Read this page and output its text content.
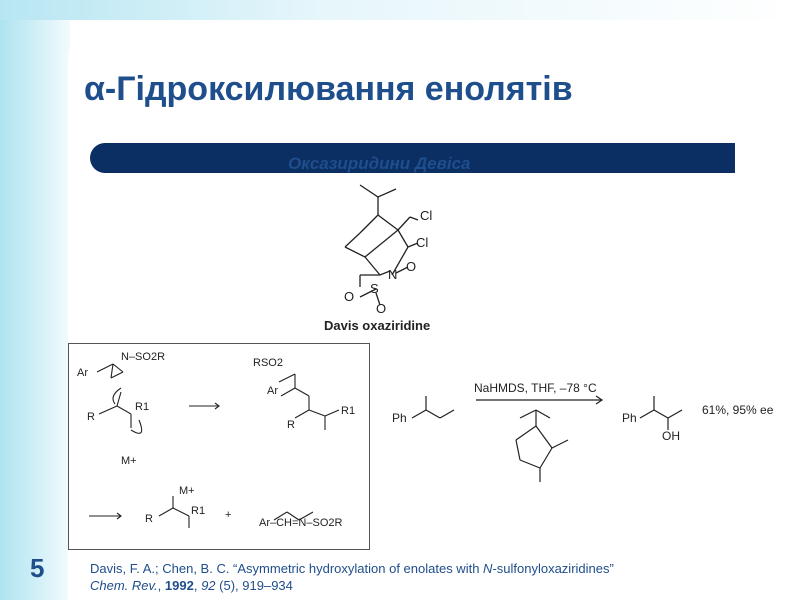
α-Гідроксилювання енолятів
Оксазиридини Девіса
Cl
Cl
N
O
S
O
O
Davis oxaziridine
Ar
N–SO2R
R
R1
M+
RSO2
Ar
R
R1
R
R1
M+
+
Ar–CH=N–SO2R
Ph
NaHMDS, THF, –78 °C
Ph
OH
61%, 95% ee
5	Davis, F. A.; Chen, B. C. “Asymmetric hydroxylation of enolates with N-sulfonyloxaziridines”
Chem. Rev., 1992, 92 (5), 919–934
